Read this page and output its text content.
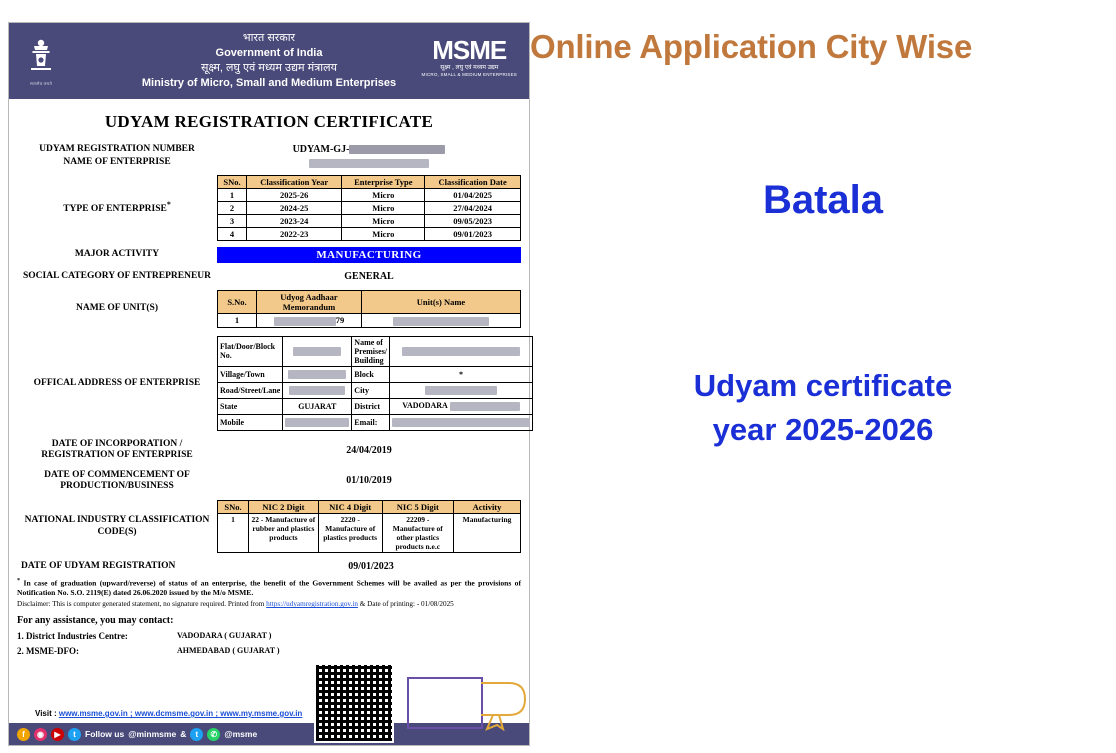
सत्यमेव जयते
भारत सरकार
Government of India
सूक्ष्म, लघु एवं मध्यम उद्यम मंत्रालय
Ministry of Micro, Small and Medium Enterprises
MSME
सूक्ष्म , लघु एवं मध्यम उद्यम
MICRO, SMALL & MEDIUM ENTERPRISES
UDYAM REGISTRATION CERTIFICATE
UDYAM REGISTRATION NUMBER	UDYAM-GJ-
NAME OF ENTERPRISE
TYPE OF ENTERPRISE*
SNo.	Classification Year	Enterprise Type	Classification Date
1	2025-26	Micro	01/04/2025
2	2024-25	Micro	27/04/2024
3	2023-24	Micro	09/05/2023
4	2022-23	Micro	09/01/2023
MAJOR ACTIVITY	MANUFACTURING
SOCIAL CATEGORY OF ENTREPRENEUR	GENERAL
NAME OF UNIT(S)
S.No.	Udyog Aadhaar Memorandum	Unit(s) Name
1	79	
OFFICAL ADDRESS OF ENTERPRISE
Flat/Door/Block No.		Name of Premises/ Building	
Village/Town		Block	*
Road/Street/Lane		City	
State	GUJARAT	District	VADODARA
Mobile		Email:	
DATE OF INCORPORATION / REGISTRATION OF ENTERPRISE	24/04/2019
DATE OF COMMENCEMENT OF PRODUCTION/BUSINESS	01/10/2019
NATIONAL INDUSTRY CLASSIFICATION CODE(S)
SNo.	NIC 2 Digit	NIC 4 Digit	NIC 5 Digit	Activity
1	22 - Manufacture of rubber and plastics products	2220 - Manufacture of plastics products	22209 - Manufacture of other plastics products n.e.c	Manufacturing
DATE OF UDYAM REGISTRATION	09/01/2023
* In case of graduation (upward/reverse) of status of an enterprise, the benefit of the Government Schemes will be availed as per the provisions of Notification No. S.O. 2119(E) dated 26.06.2020 issued by the M/o MSME.
Disclaimer: This is computer generated statement, no signature required. Printed from https://udyamregistration.gov.in & Date of printing: - 01/08/2025
For any assistance, you may contact:
1. District Industries Centre:	VADODARA ( GUJARAT )
2. MSME-DFO:	AHMEDABAD ( GUJARAT )
Visit : www.msme.gov.in ; www.dcmsme.gov.in ; www.my.msme.gov.in
f	◉	▶	t	Follow us @minmsme &	t	✆ @msme
Online Application City Wise
Batala
Udyam certificate
year 2025-2026
